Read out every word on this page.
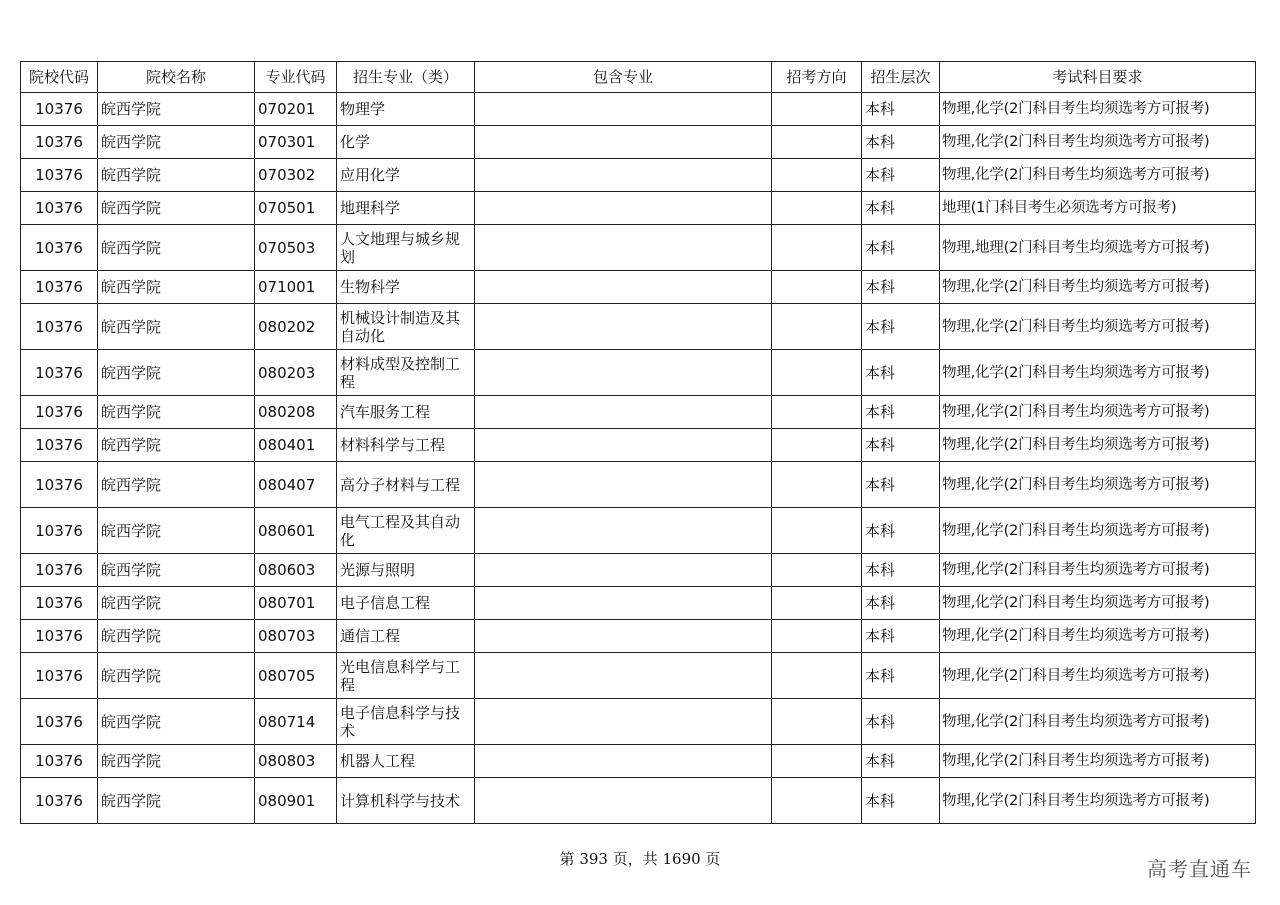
院校代码	院校名称	专业代码	招生专业（类）	包含专业	招考方向	招生层次	考试科目要求
10376	皖西学院	070201	物理学			本科	物理,化学(2门科目考生均须选考方可报考)
10376	皖西学院	070301	化学			本科	物理,化学(2门科目考生均须选考方可报考)
10376	皖西学院	070302	应用化学			本科	物理,化学(2门科目考生均须选考方可报考)
10376	皖西学院	070501	地理科学			本科	地理(1门科目考生必须选考方可报考)
10376	皖西学院	070503	人文地理与城乡规划			本科	物理,地理(2门科目考生均须选考方可报考)
10376	皖西学院	071001	生物科学			本科	物理,化学(2门科目考生均须选考方可报考)
10376	皖西学院	080202	机械设计制造及其自动化			本科	物理,化学(2门科目考生均须选考方可报考)
10376	皖西学院	080203	材料成型及控制工程			本科	物理,化学(2门科目考生均须选考方可报考)
10376	皖西学院	080208	汽车服务工程			本科	物理,化学(2门科目考生均须选考方可报考)
10376	皖西学院	080401	材料科学与工程			本科	物理,化学(2门科目考生均须选考方可报考)
10376	皖西学院	080407	高分子材料与工程			本科	物理,化学(2门科目考生均须选考方可报考)
10376	皖西学院	080601	电气工程及其自动化			本科	物理,化学(2门科目考生均须选考方可报考)
10376	皖西学院	080603	光源与照明			本科	物理,化学(2门科目考生均须选考方可报考)
10376	皖西学院	080701	电子信息工程			本科	物理,化学(2门科目考生均须选考方可报考)
10376	皖西学院	080703	通信工程			本科	物理,化学(2门科目考生均须选考方可报考)
10376	皖西学院	080705	光电信息科学与工程			本科	物理,化学(2门科目考生均须选考方可报考)
10376	皖西学院	080714	电子信息科学与技术			本科	物理,化学(2门科目考生均须选考方可报考)
10376	皖西学院	080803	机器人工程			本科	物理,化学(2门科目考生均须选考方可报考)
10376	皖西学院	080901	计算机科学与技术			本科	物理,化学(2门科目考生均须选考方可报考)
第 393 页，共 1690 页	高考直通车
